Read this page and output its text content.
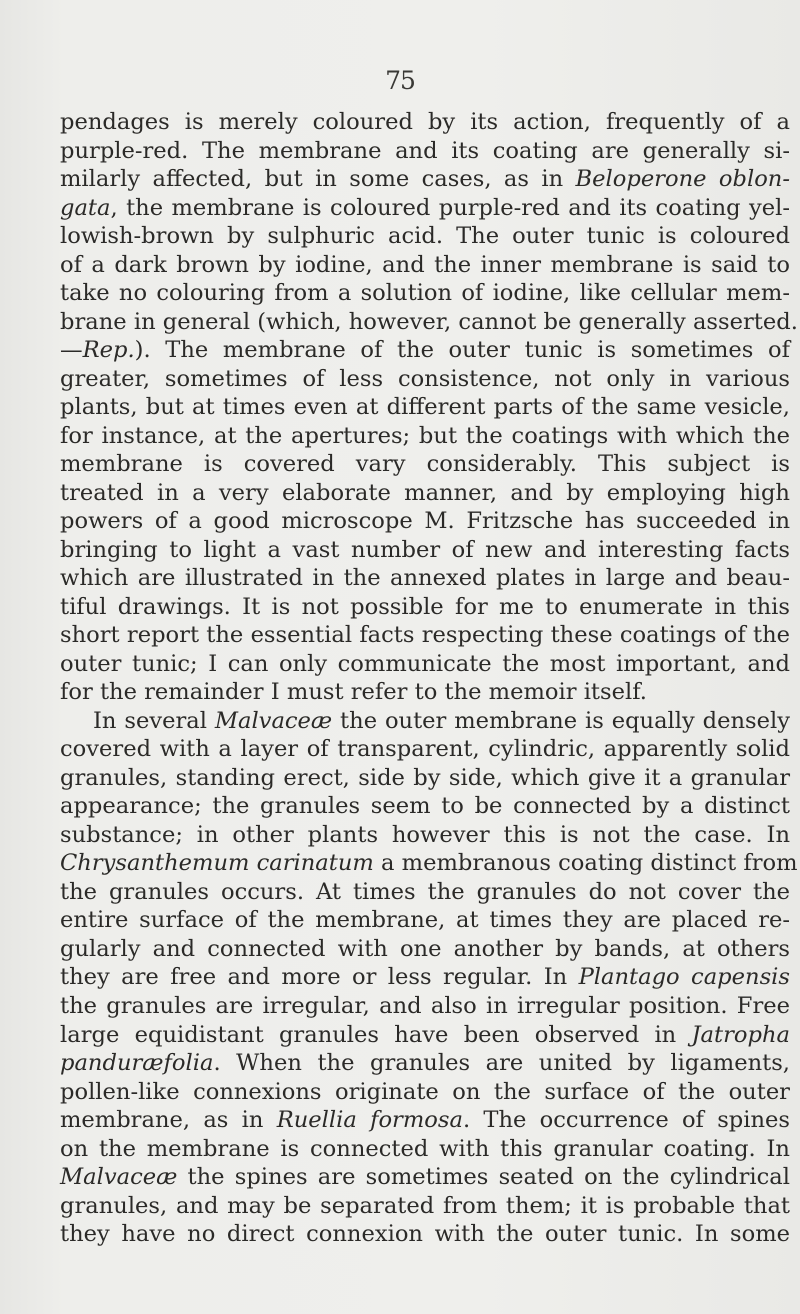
75
pendages is merely coloured by its action, frequently of a
purple-red. The membrane and its coating are generally si-
milarly affected, but in some cases, as in Beloperone oblon-
gata, the membrane is coloured purple-red and its coating yel-
lowish-brown by sulphuric acid. The outer tunic is coloured
of a dark brown by iodine, and the inner membrane is said to
take no colouring from a solution of iodine, like cellular mem-
brane in general (which, however, cannot be generally asserted.
—Rep.). The membrane of the outer tunic is sometimes of
greater, sometimes of less consistence, not only in various
plants, but at times even at different parts of the same vesicle,
for instance, at the apertures; but the coatings with which the
membrane is covered vary considerably. This subject is
treated in a very elaborate manner, and by employing high
powers of a good microscope M. Fritzsche has succeeded in
bringing to light a vast number of new and interesting facts
which are illustrated in the annexed plates in large and beau-
tiful drawings. It is not possible for me to enumerate in this
short report the essential facts respecting these coatings of the
outer tunic; I can only communicate the most important, and
for the remainder I must refer to the memoir itself.
In several Malvaceæ the outer membrane is equally densely
covered with a layer of transparent, cylindric, apparently solid
granules, standing erect, side by side, which give it a granular
appearance; the granules seem to be connected by a distinct
substance; in other plants however this is not the case. In
Chrysanthemum carinatum a membranous coating distinct from
the granules occurs. At times the granules do not cover the
entire surface of the membrane, at times they are placed re-
gularly and connected with one another by bands, at others
they are free and more or less regular. In Plantago capensis
the granules are irregular, and also in irregular position. Free
large equidistant granules have been observed in Jatropha
panduræfolia. When the granules are united by ligaments,
pollen-like connexions originate on the surface of the outer
membrane, as in Ruellia formosa. The occurrence of spines
on the membrane is connected with this granular coating. In
Malvaceæ the spines are sometimes seated on the cylindrical
granules, and may be separated from them; it is probable that
they have no direct connexion with the outer tunic. In some
